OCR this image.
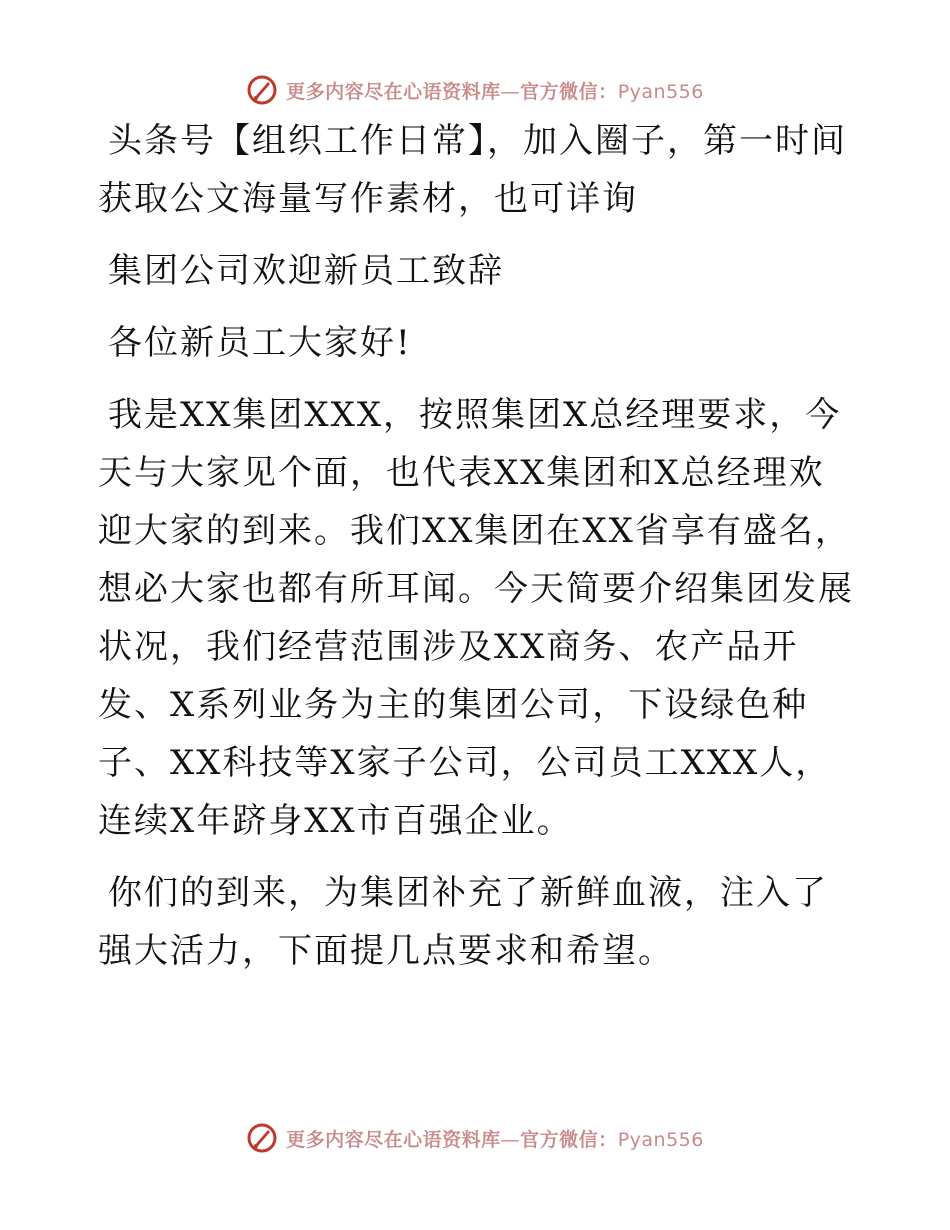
更多内容尽在心语资料库—官方微信：Pyan556

头条号【组织工作日常】，加入圈子，第一时间获取公文海量写作素材，也可详询

集团公司欢迎新员工致辞

各位新员工大家好!

我是XX集团XXX，按照集团X总经理要求，今天与大家见个面，也代表XX集团和X总经理欢迎大家的到来。我们XX集团在XX省享有盛名，想必大家也都有所耳闻。今天简要介绍集团发展状况，我们经营范围涉及XX商务、农产品开发、X系列业务为主的集团公司，下设绿色种子、XX科技等X家子公司，公司员工XXX人，连续X年跻身XX市百强企业。

你们的到来，为集团补充了新鲜血液，注入了强大活力，下面提几点要求和希望。

更多内容尽在心语资料库—官方微信：Pyan556
